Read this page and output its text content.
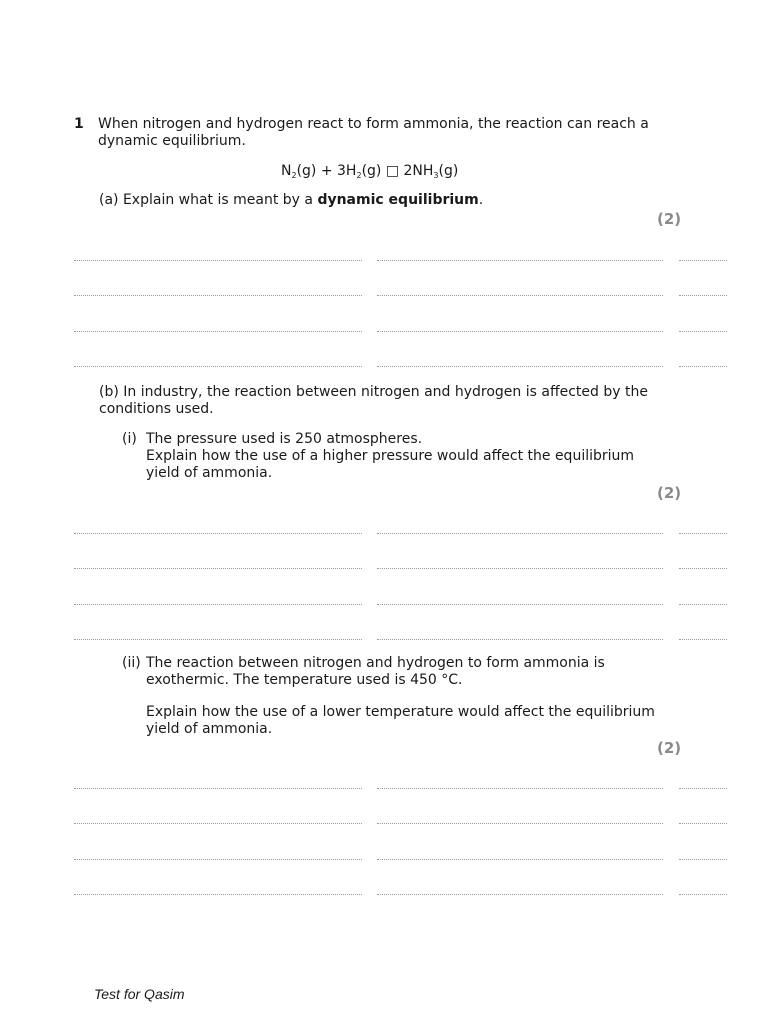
1 When nitrogen and hydrogen react to form ammonia, the reaction can reach a dynamic equilibrium.
$N_2(g) + 3H_2(g)$ □ $2NH_3(g)$
(a) Explain what is meant by a dynamic equilibrium.
(2)
(b) In industry, the reaction between nitrogen and hydrogen is affected by the conditions used.
(i) The pressure used is 250 atmospheres.
Explain how the use of a higher pressure would affect the equilibrium yield of ammonia.
(2)
(ii) The reaction between nitrogen and hydrogen to form ammonia is exothermic. The temperature used is 450 °C.
Explain how the use of a lower temperature would affect the equilibrium yield of ammonia.
(2)
Test for Qasim
